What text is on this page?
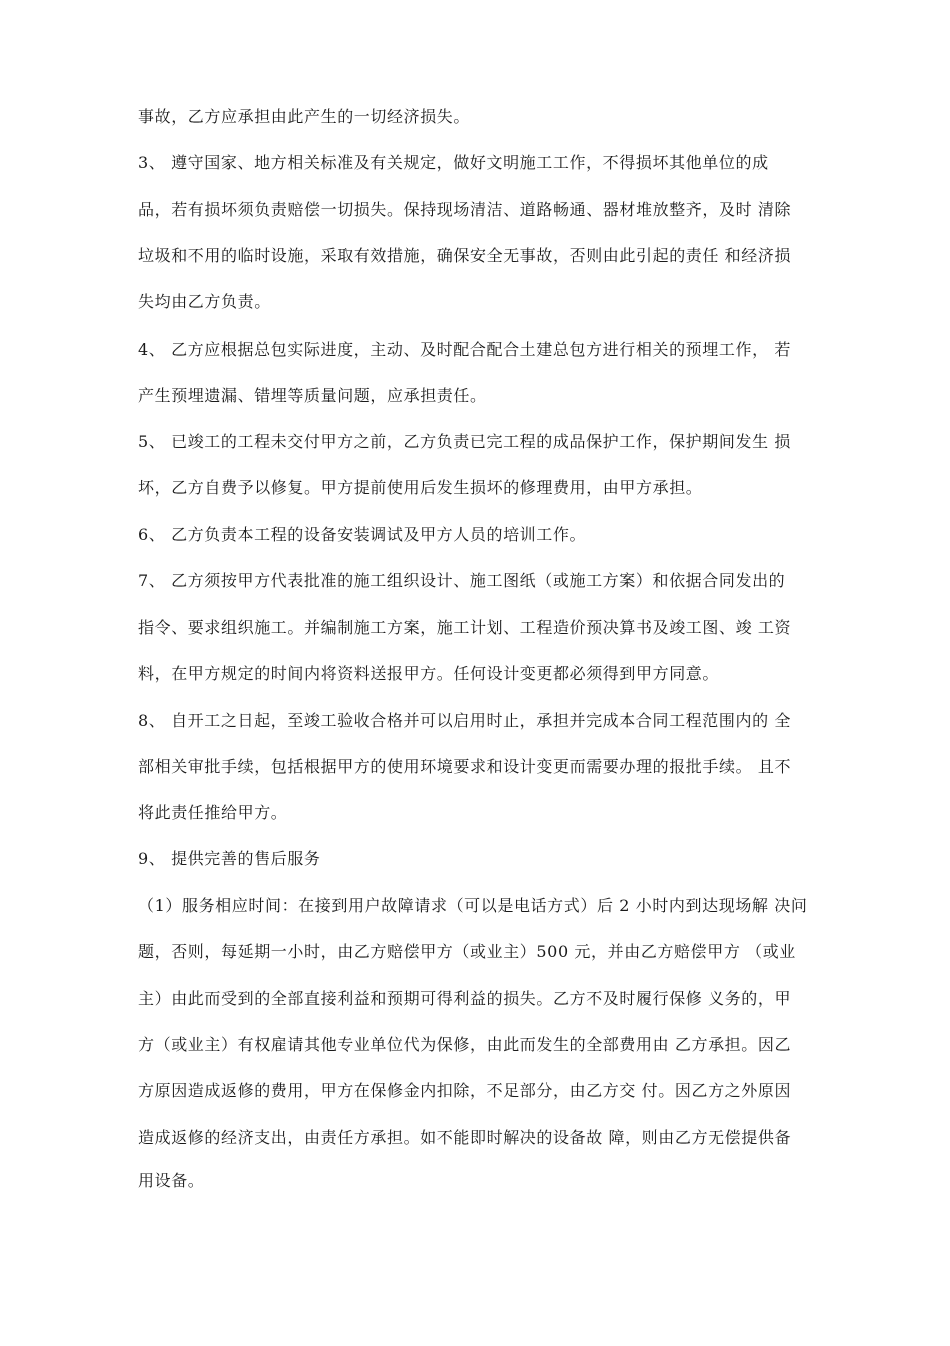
事故，乙方应承担由此产生的一切经济损失。
3、 遵守国家、地方相关标准及有关规定，做好文明施工工作，不得损坏其他单位的成
品，若有损坏须负责赔偿一切损失。保持现场清洁、道路畅通、器材堆放整齐，及时 清除
垃圾和不用的临时设施，采取有效措施，确保安全无事故，否则由此引起的责任 和经济损
失均由乙方负责。
4、 乙方应根据总包实际进度，主动、及时配合配合土建总包方进行相关的预埋工作， 若
产生预埋遗漏、错埋等质量问题，应承担责任。
5、 已竣工的工程未交付甲方之前，乙方负责已完工程的成品保护工作，保护期间发生 损
坏，乙方自费予以修复。甲方提前使用后发生损坏的修理费用，由甲方承担。
6、 乙方负责本工程的设备安装调试及甲方人员的培训工作。
7、 乙方须按甲方代表批准的施工组织设计、施工图纸（或施工方案）和依据合同发出的
指令、要求组织施工。并编制施工方案，施工计划、工程造价预决算书及竣工图、竣 工资
料，在甲方规定的时间内将资料送报甲方。任何设计变更都必须得到甲方同意。
8、 自开工之日起，至竣工验收合格并可以启用时止，承担并完成本合同工程范围内的 全
部相关审批手续，包括根据甲方的使用环境要求和设计变更而需要办理的报批手续。 且不
将此责任推给甲方。
9、 提供完善的售后服务
（1）服务相应时间：在接到用户故障请求（可以是电话方式）后 2 小时内到达现场解 决问
题，否则，每延期一小时，由乙方赔偿甲方（或业主）500 元，并由乙方赔偿甲方 （或业
主）由此而受到的全部直接利益和预期可得利益的损失。乙方不及时履行保修 义务的，甲
方（或业主）有权雇请其他专业单位代为保修，由此而发生的全部费用由 乙方承担。因乙
方原因造成返修的费用，甲方在保修金内扣除，不足部分，由乙方交 付。因乙方之外原因
造成返修的经济支出，由责任方承担。如不能即时解决的设备故 障，则由乙方无偿提供备
用设备。
